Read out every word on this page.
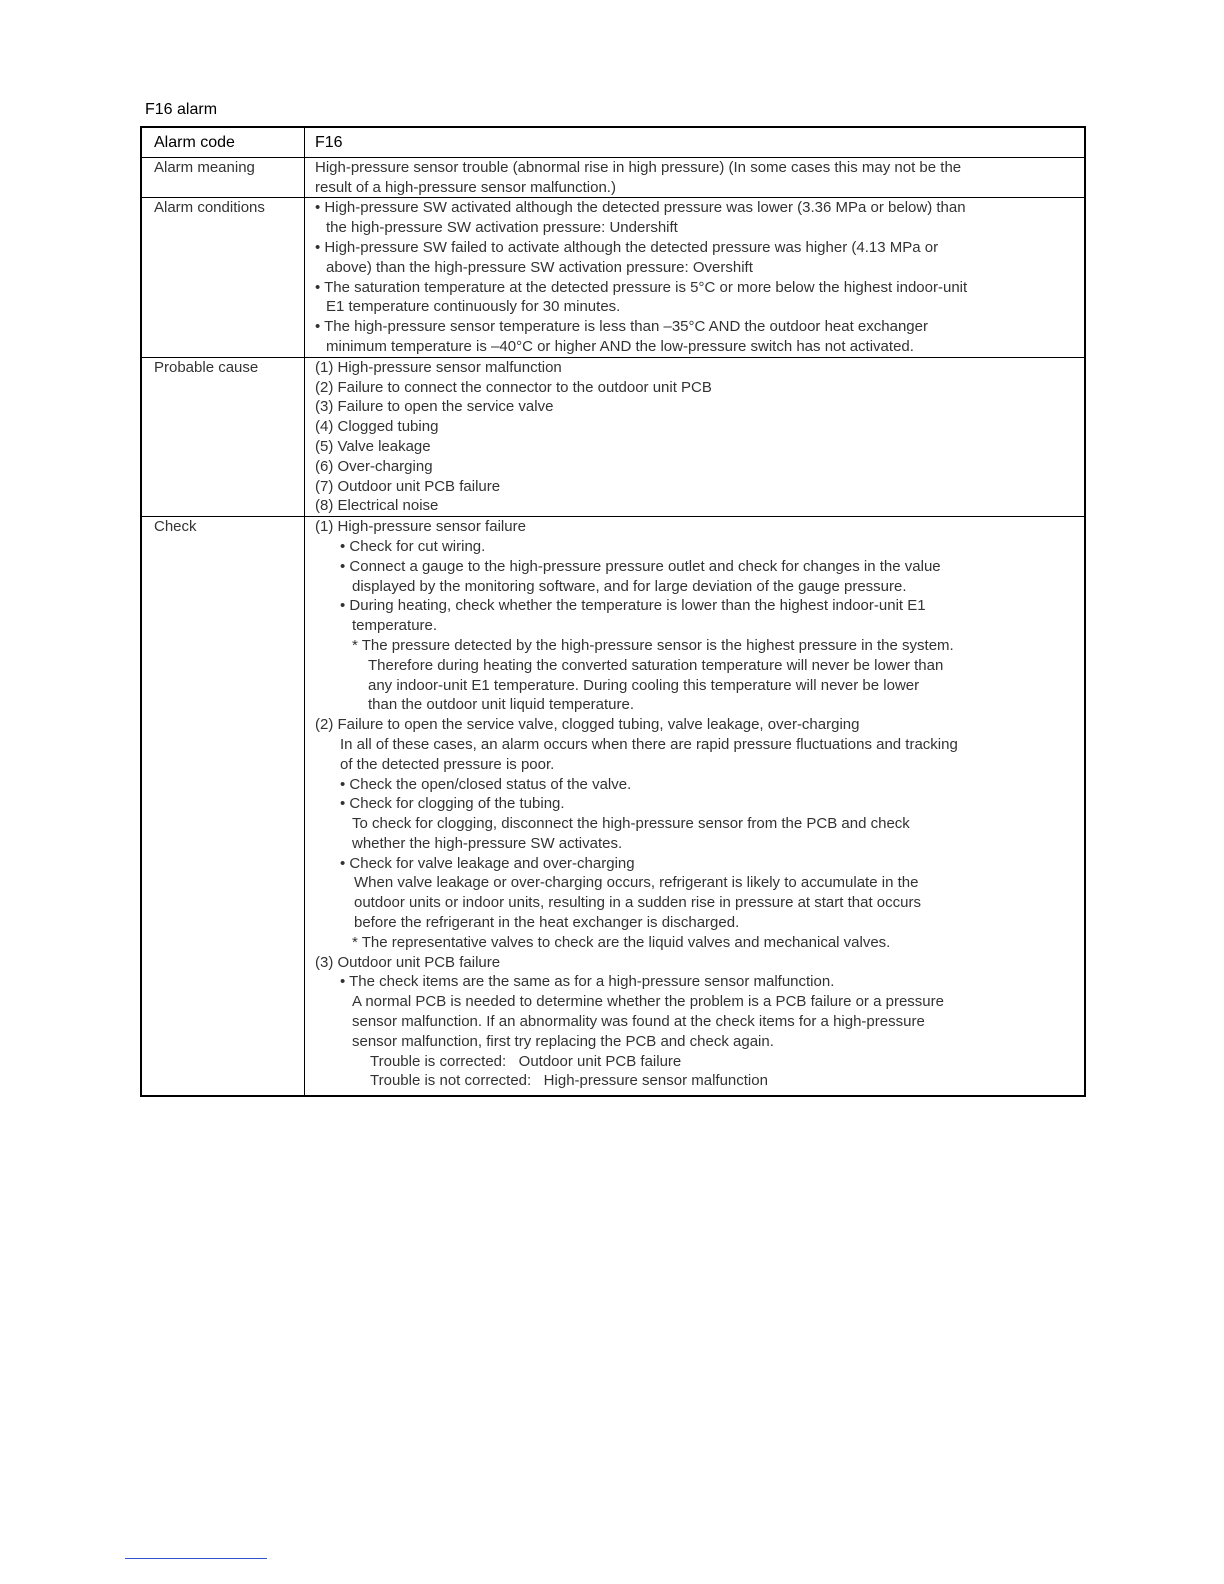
F16 alarm
Alarm code	F16
Alarm meaning	High-pressure sensor trouble (abnormal rise in high pressure) (In some cases this may not be the
result of a high-pressure sensor malfunction.)
Alarm conditions	• High-pressure SW activated although the detected pressure was lower (3.36 MPa or below) than
the high-pressure SW activation pressure: Undershift
• High-pressure SW failed to activate although the detected pressure was higher (4.13 MPa or
above) than the high-pressure SW activation pressure: Overshift
• The saturation temperature at the detected pressure is 5°C or more below the highest indoor-unit
E1 temperature continuously for 30 minutes.
• The high-pressure sensor temperature is less than –35°C AND the outdoor heat exchanger
minimum temperature is –40°C or higher AND the low-pressure switch has not activated.
Probable cause	(1) High-pressure sensor malfunction
(2) Failure to connect the connector to the outdoor unit PCB
(3) Failure to open the service valve
(4) Clogged tubing
(5) Valve leakage
(6) Over-charging
(7) Outdoor unit PCB failure
(8) Electrical noise
Check	(1) High-pressure sensor failure
• Check for cut wiring.
• Connect a gauge to the high-pressure pressure outlet and check for changes in the value
displayed by the monitoring software, and for large deviation of the gauge pressure.
• During heating, check whether the temperature is lower than the highest indoor-unit E1
temperature.
* The pressure detected by the high-pressure sensor is the highest pressure in the system.
Therefore during heating the converted saturation temperature will never be lower than
any indoor-unit E1 temperature. During cooling this temperature will never be lower
than the outdoor unit liquid temperature.
(2) Failure to open the service valve, clogged tubing, valve leakage, over-charging
In all of these cases, an alarm occurs when there are rapid pressure fluctuations and tracking
of the detected pressure is poor.
• Check the open/closed status of the valve.
• Check for clogging of the tubing.
To check for clogging, disconnect the high-pressure sensor from the PCB and check
whether the high-pressure SW activates.
• Check for valve leakage and over-charging
When valve leakage or over-charging occurs, refrigerant is likely to accumulate in the
outdoor units or indoor units, resulting in a sudden rise in pressure at start that occurs
before the refrigerant in the heat exchanger is discharged.
* The representative valves to check are the liquid valves and mechanical valves.
(3) Outdoor unit PCB failure
• The check items are the same as for a high-pressure sensor malfunction.
A normal PCB is needed to determine whether the problem is a PCB failure or a pressure
sensor malfunction. If an abnormality was found at the check items for a high-pressure
sensor malfunction, first try replacing the PCB and check again.
Trouble is corrected:   Outdoor unit PCB failure
Trouble is not corrected:   High-pressure sensor malfunction
